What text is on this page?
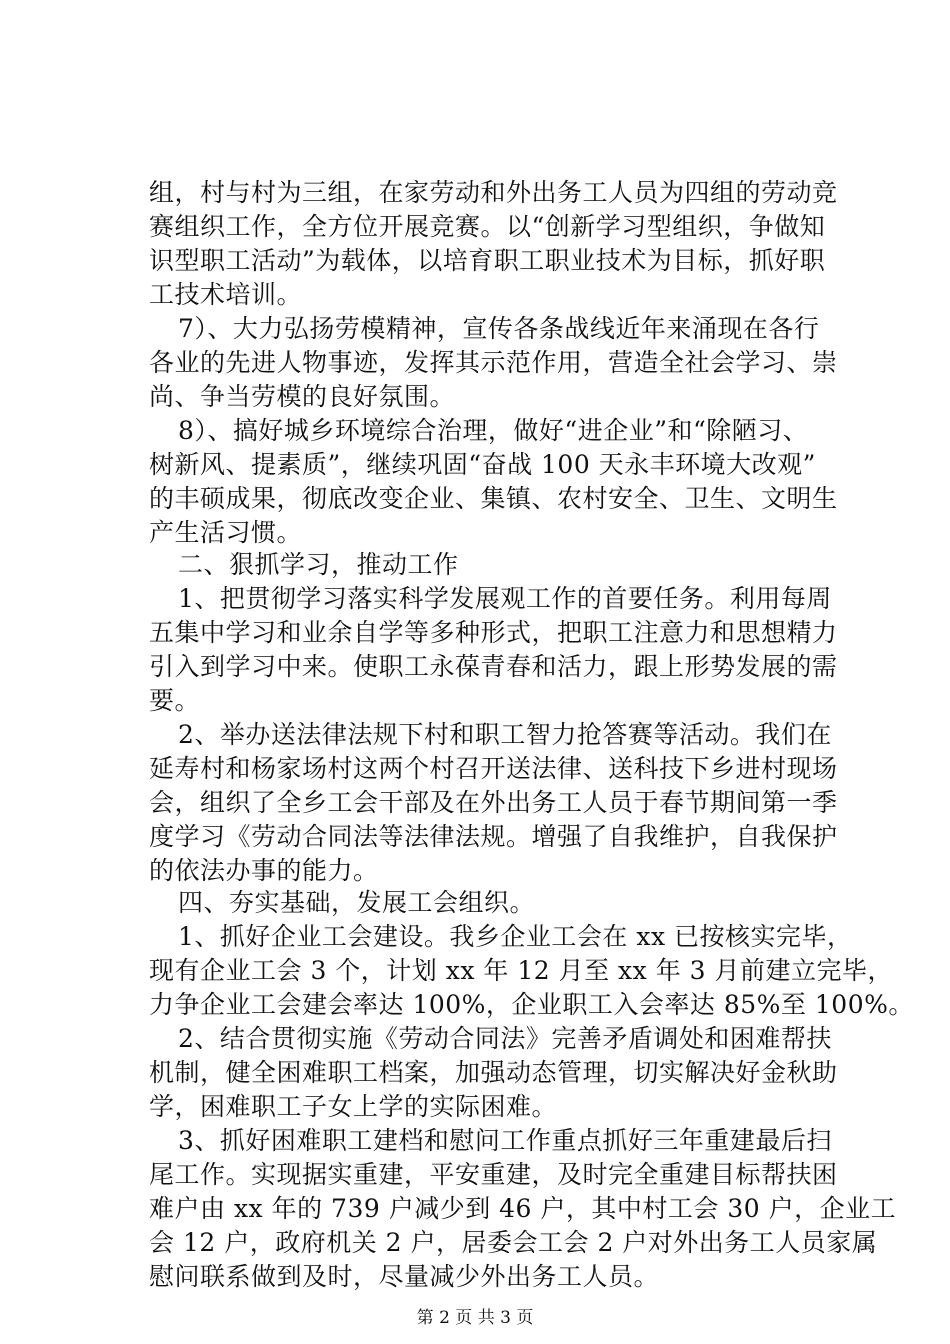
组，村与村为三组，在家劳动和外出务工人员为四组的劳动竞
赛组织工作，全方位开展竞赛。以“创新学习型组织，争做知
识型职工活动”为载体，以培育职工职业技术为目标，抓好职
工技术培训。
7）、大力弘扬劳模精神，宣传各条战线近年来涌现在各行
各业的先进人物事迹，发挥其示范作用，营造全社会学习、崇
尚、争当劳模的良好氛围。
8）、搞好城乡环境综合治理，做好“进企业”和“除陋习、
树新风、提素质”，继续巩固“奋战 100 天永丰环境大改观”
的丰硕成果，彻底改变企业、集镇、农村安全、卫生、文明生
产生活习惯。
二、狠抓学习，推动工作
1、把贯彻学习落实科学发展观工作的首要任务。利用每周
五集中学习和业余自学等多种形式，把职工注意力和思想精力
引入到学习中来。使职工永葆青春和活力，跟上形势发展的需
要。
2、举办送法律法规下村和职工智力抢答赛等活动。我们在
延寿村和杨家场村这两个村召开送法律、送科技下乡进村现场
会，组织了全乡工会干部及在外出务工人员于春节期间第一季
度学习《劳动合同法等法律法规。增强了自我维护，自我保护
的依法办事的能力。
四、夯实基础，发展工会组织。
1、抓好企业工会建设。我乡企业工会在 xx 已按核实完毕，
现有企业工会 3 个，计划 xx 年 12 月至 xx 年 3 月前建立完毕，
力争企业工会建会率达 100%，企业职工入会率达 85%至 100%。
2、结合贯彻实施《劳动合同法》完善矛盾调处和困难帮扶
机制，健全困难职工档案，加强动态管理，切实解决好金秋助
学，困难职工子女上学的实际困难。
3、抓好困难职工建档和慰问工作重点抓好三年重建最后扫
尾工作。实现据实重建，平安重建，及时完全重建目标帮扶困
难户由 xx 年的 739 户减少到 46 户，其中村工会 30 户，企业工
会 12 户，政府机关 2 户，居委会工会 2 户对外出务工人员家属
慰问联系做到及时，尽量减少外出务工人员。
第 2 页 共 3 页
